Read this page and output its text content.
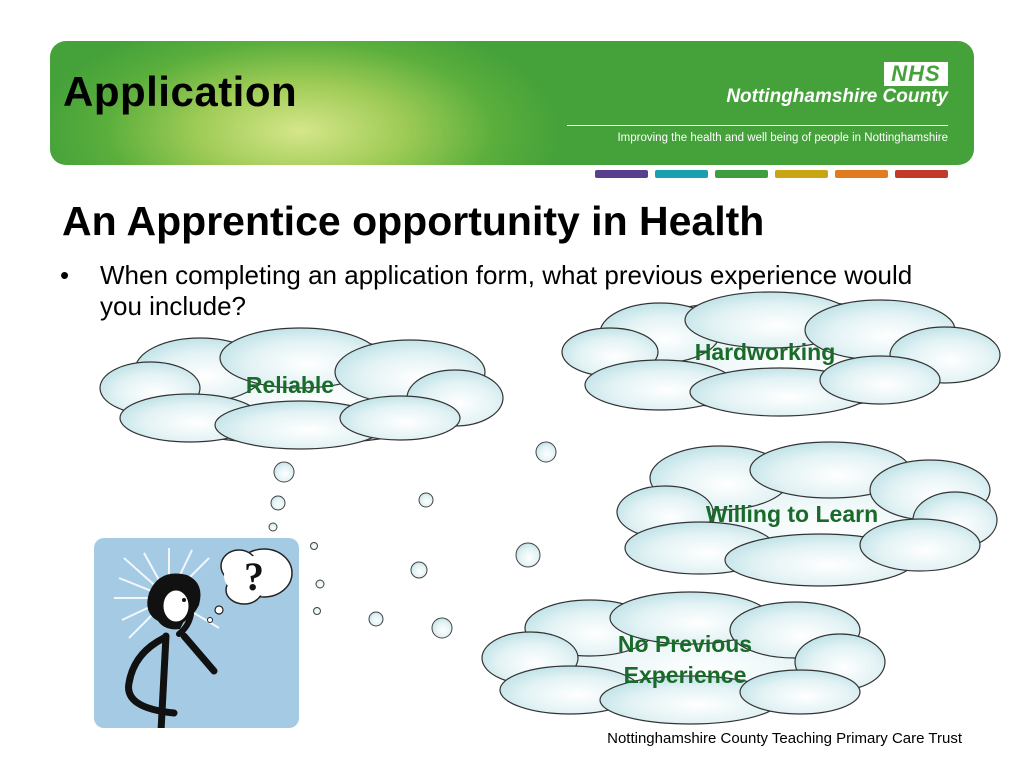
Application	NHS
Nottinghamshire County
Improving the health and well being of people in Nottinghamshire
An Apprentice opportunity in Health
• When completing an application form, what previous experience would you include?
Reliable
Hardworking
Willing to Learn
No Previous Experience
?
Nottinghamshire County Teaching Primary Care Trust
